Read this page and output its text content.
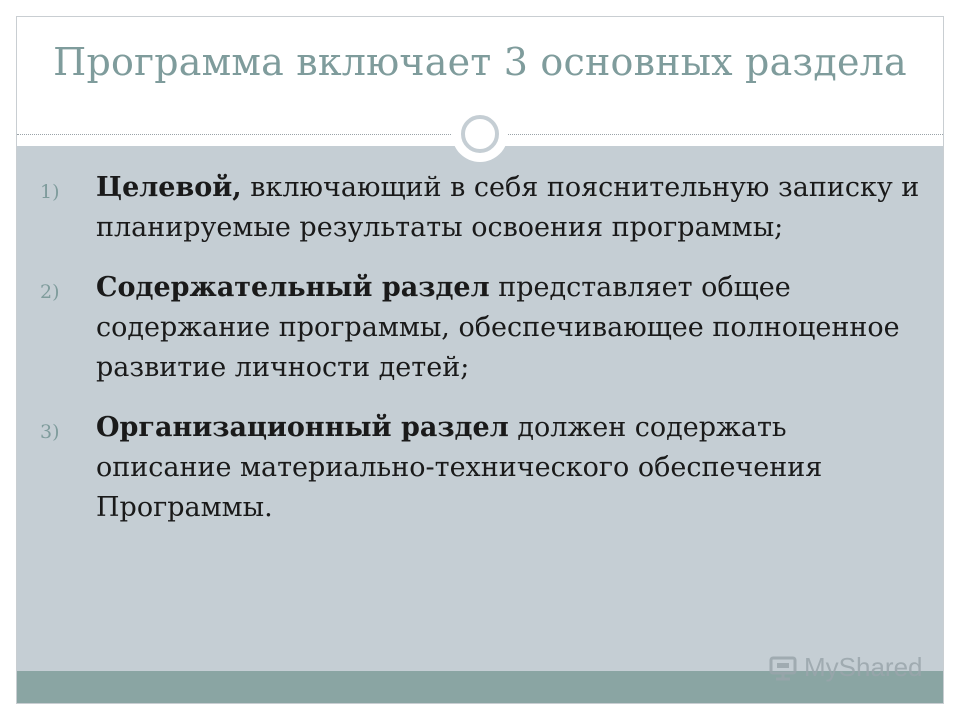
Программа включает 3 основных раздела
1) Целевой, включающий в себя пояснительную записку и планируемые результаты освоения программы;
2) Содержательный раздел представляет общее содержание программы, обеспечивающее полноценное развитие личности детей;
3) Организационный раздел должен содержать описание материально-технического обеспечения Программы.
MyShared
